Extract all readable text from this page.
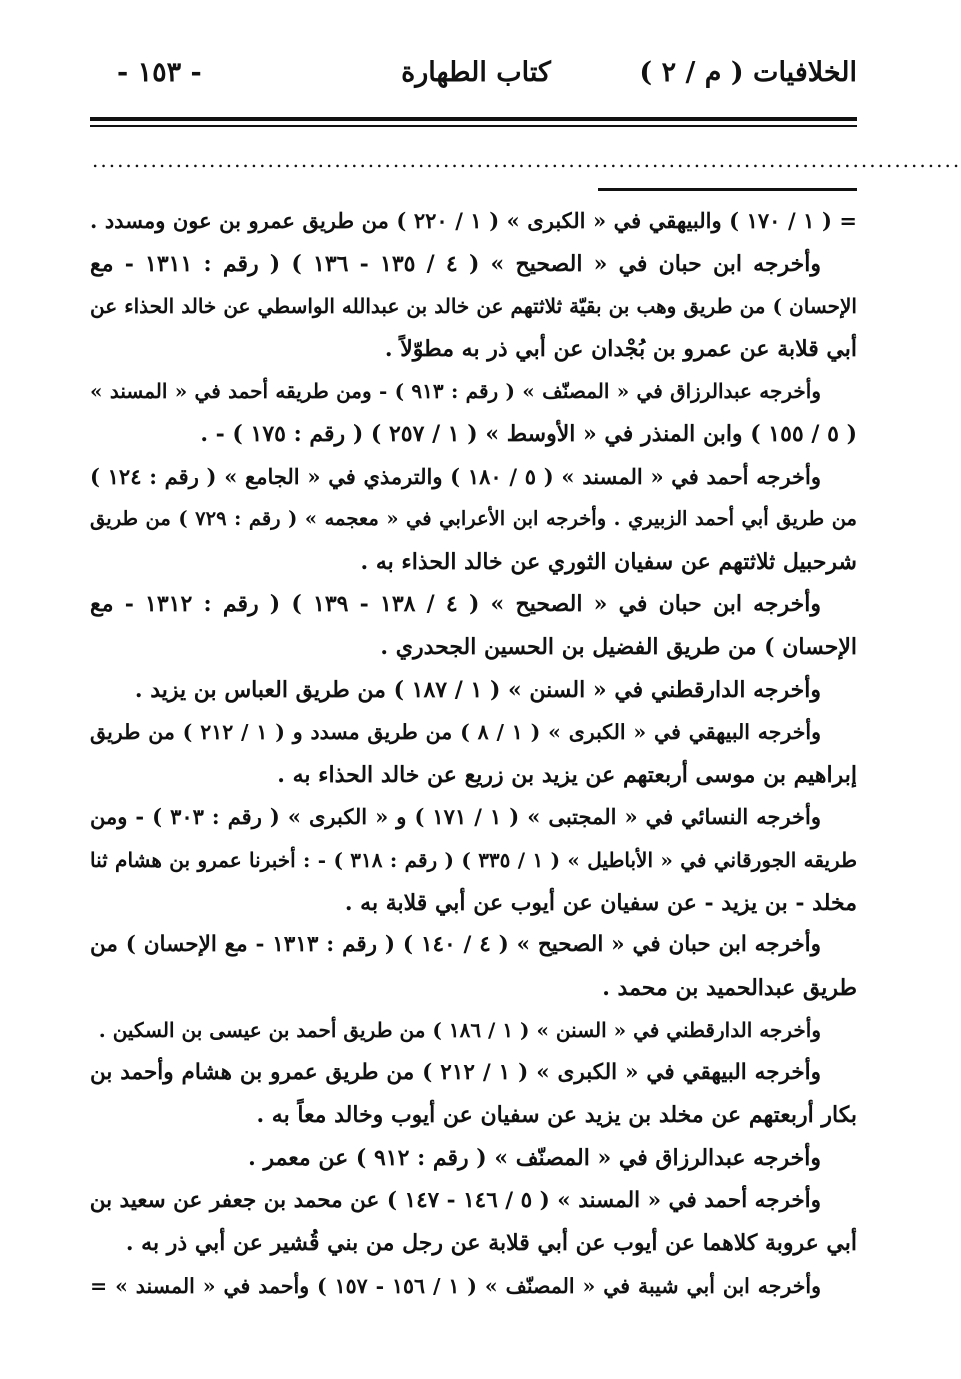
الخلافيات ( م / ٢ )
كتاب الطهارة
- ١٥٣ -
........................................................................................................
= ( ١ / ١٧٠ ) والبيهقي في « الكبرى » ( ١ / ٢٢٠ ) من طريق عمرو بن عون ومسدد .
وأخرجه ابن حبان في « الصحيح » ( ٤ / ١٣٥ - ١٣٦ ) ( رقم : ١٣١١ - مع
الإحسان ) من طريق وهب بن بقيّة ثلاثتهم عن خالد بن عبدالله الواسطي عن خالد الحذاء عن
أبي قلابة عن عمرو بن بُجْدان عن أبي ذر به مطوّلاً .
وأخرجه عبدالرزاق في « المصنّف » ( رقم : ٩١٣ ) - ومن طريقه أحمد في « المسند »
( ٥ / ١٥٥ ) وابن المنذر في « الأوسط » ( ١ / ٢٥٧ ) ( رقم : ١٧٥ ) - .
وأخرجه أحمد في « المسند » ( ٥ / ١٨٠ ) والترمذي في « الجامع » ( رقم : ١٢٤ )
من طريق أبي أحمد الزبيري . وأخرجه ابن الأعرابي في « معجمه » ( رقم : ٧٢٩ ) من طريق
شرحبيل ثلاثتهم عن سفيان الثوري عن خالد الحذاء به .
وأخرجه ابن حبان في « الصحيح » ( ٤ / ١٣٨ - ١٣٩ ) ( رقم : ١٣١٢ - مع
الإحسان ) من طريق الفضيل بن الحسين الجحدري .
وأخرجه الدارقطني في « السنن » ( ١ / ١٨٧ ) من طريق العباس بن يزيد .
وأخرجه البيهقي في « الكبرى » ( ١ / ٨ ) من طريق مسدد و ( ١ / ٢١٢ ) من طريق
إبراهيم بن موسى أربعتهم عن يزيد بن زريع عن خالد الحذاء به .
وأخرجه النسائي في « المجتبى » ( ١ / ١٧١ ) و « الكبرى » ( رقم : ٣٠٣ ) - ومن
طريقه الجورقاني في « الأباطيل » ( ١ / ٣٣٥ ) ( رقم : ٣١٨ ) - : أخبرنا عمرو بن هشام ثنا
مخلد - بن يزيد - عن سفيان عن أيوب عن أبي قلابة به .
وأخرجه ابن حبان في « الصحيح » ( ٤ / ١٤٠ ) ( رقم : ١٣١٣ - مع الإحسان ) من
طريق عبدالحميد بن محمد .
وأخرجه الدارقطني في « السنن » ( ١ / ١٨٦ ) من طريق أحمد بن عيسى بن السكين .
وأخرجه البيهقي في « الكبرى » ( ١ / ٢١٢ ) من طريق عمرو بن هشام وأحمد بن
بكار أربعتهم عن مخلد بن يزيد عن سفيان عن أيوب وخالد معاً به .
وأخرجه عبدالرزاق في « المصنّف » ( رقم : ٩١٢ ) عن معمر .
وأخرجه أحمد في « المسند » ( ٥ / ١٤٦ - ١٤٧ ) عن محمد بن جعفر عن سعيد بن
أبي عروبة كلاهما عن أيوب عن أبي قلابة عن رجل من بني قُشير عن أبي ذر به .
وأخرجه ابن أبي شيبة في « المصنّف » ( ١ / ١٥٦ - ١٥٧ ) وأحمد في « المسند » =
